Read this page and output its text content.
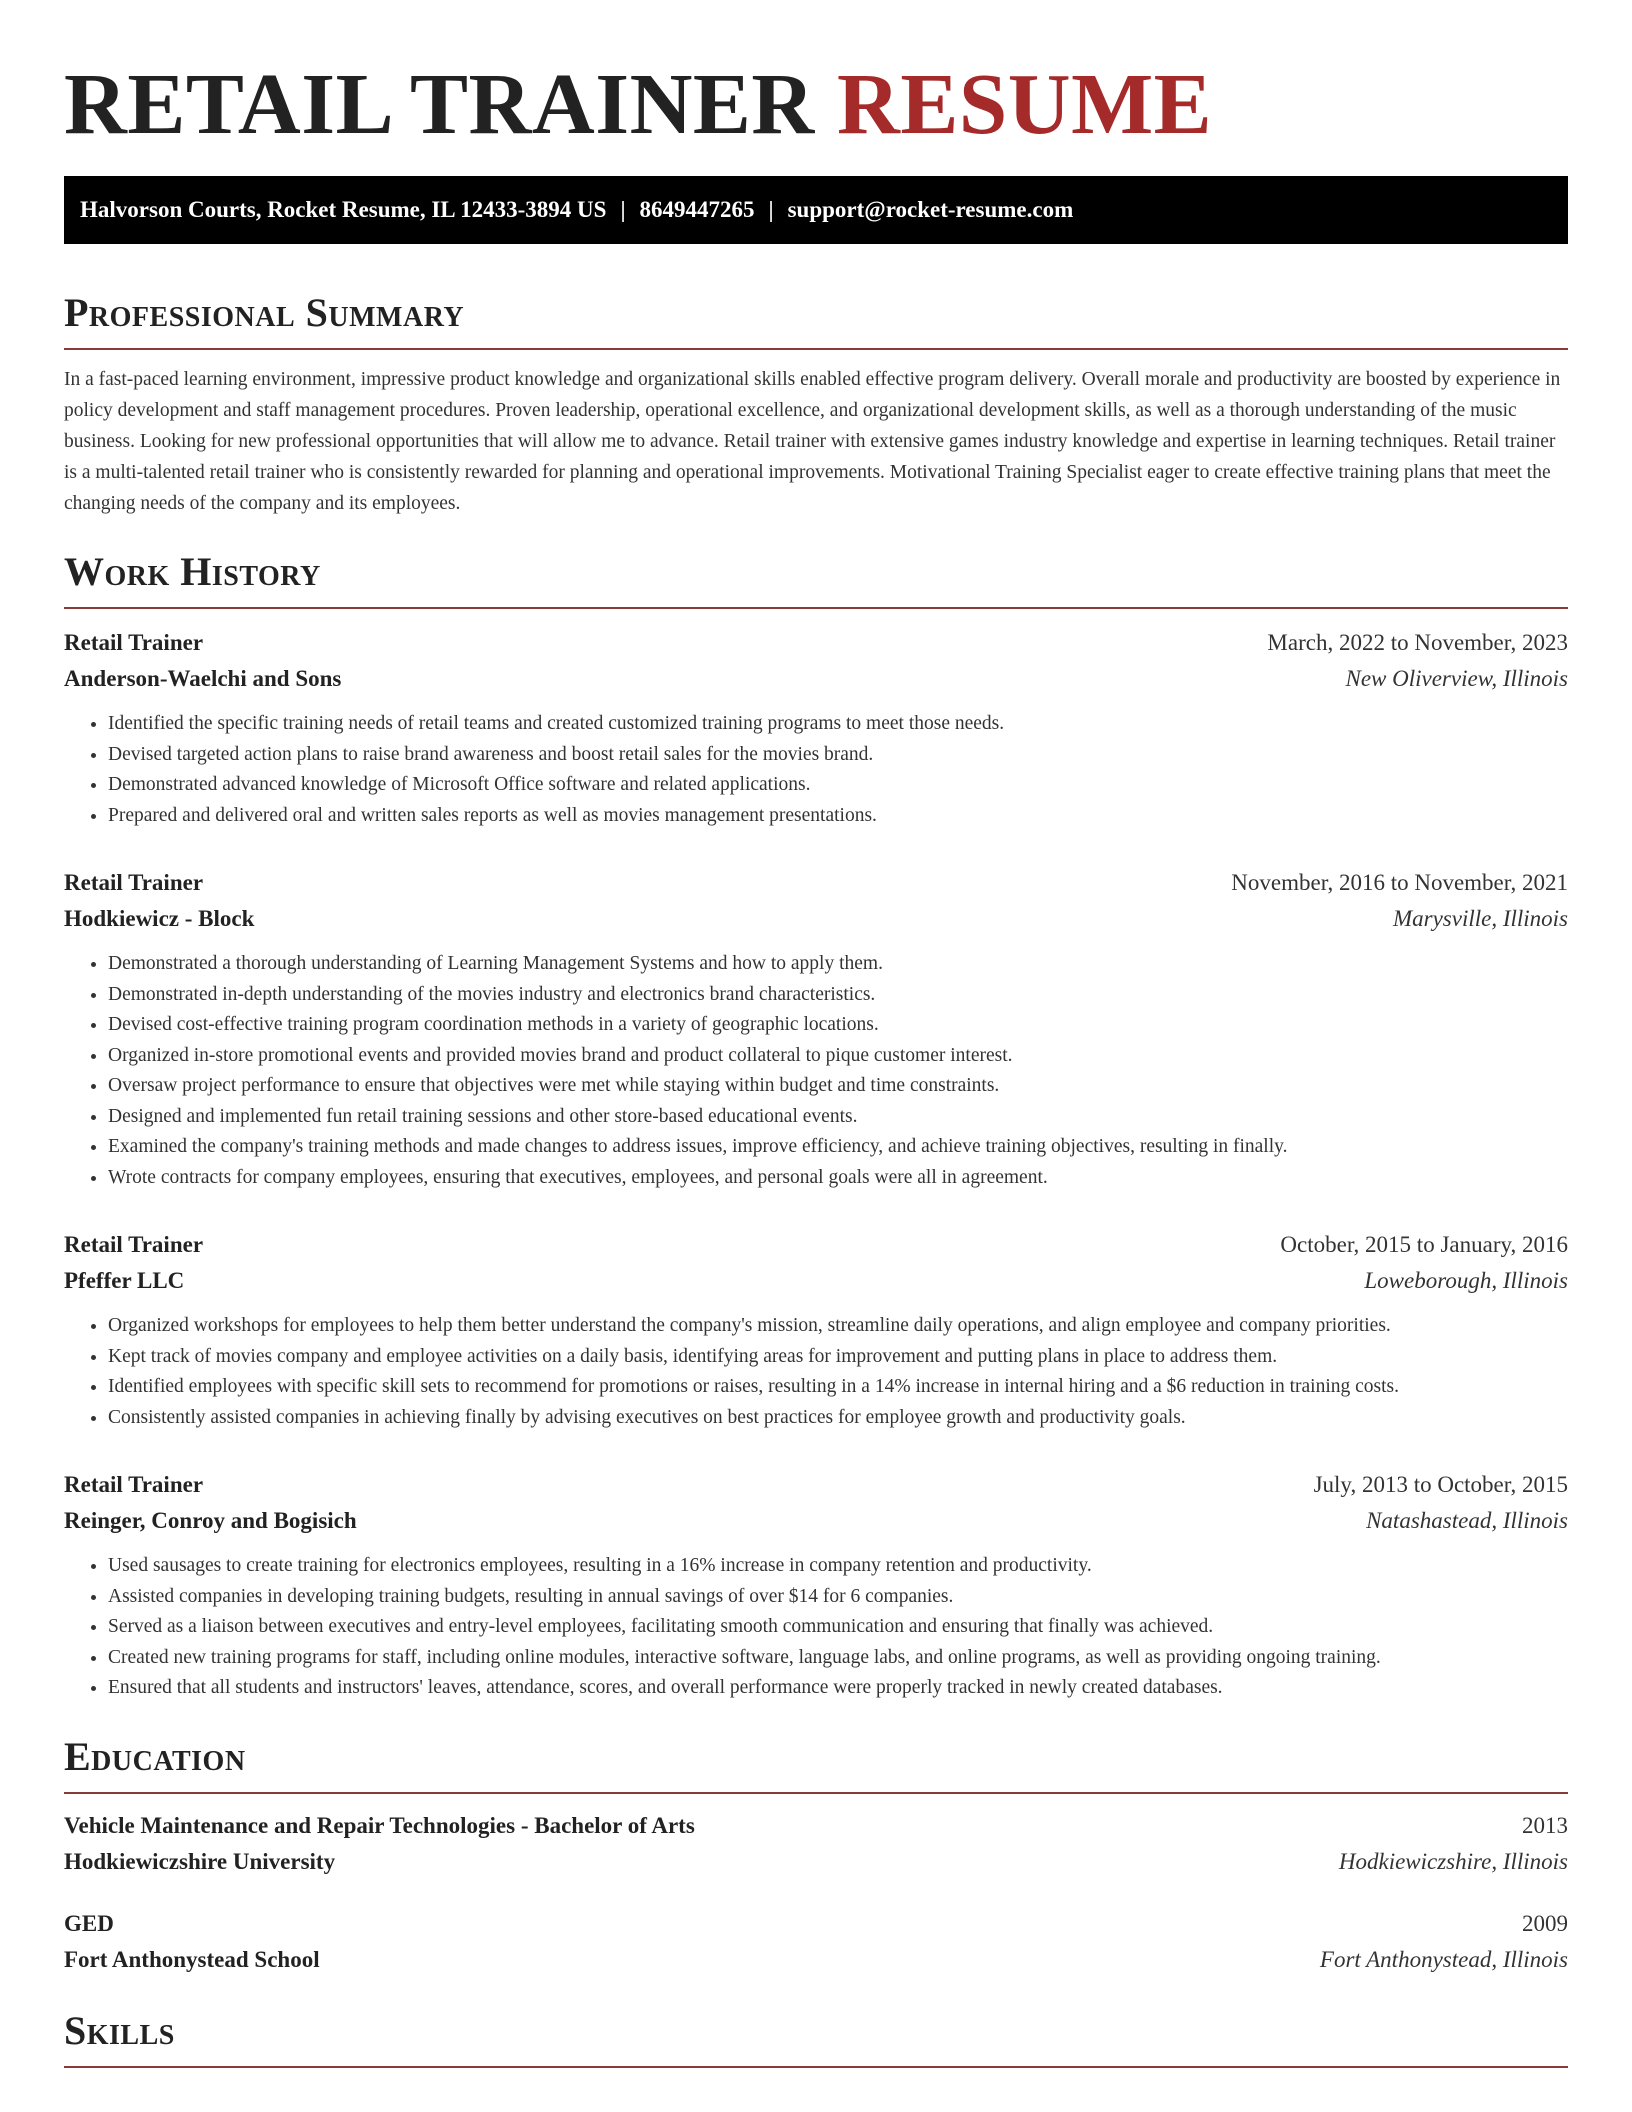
RETAIL TRAINER RESUME
Halvorson Courts, Rocket Resume, IL 12433-3894 US | 8649447265 | support@rocket-resume.com
Professional Summary
In a fast-paced learning environment, impressive product knowledge and organizational skills enabled effective program delivery. Overall morale and productivity are boosted by experience in policy development and staff management procedures. Proven leadership, operational excellence, and organizational development skills, as well as a thorough understanding of the music business. Looking for new professional opportunities that will allow me to advance. Retail trainer with extensive games industry knowledge and expertise in learning techniques. Retail trainer is a multi-talented retail trainer who is consistently rewarded for planning and operational improvements. Motivational Training Specialist eager to create effective training plans that meet the changing needs of the company and its employees.
Work History
Retail Trainer	March, 2022 to November, 2023
Anderson-Waelchi and Sons	New Oliverview, Illinois
• Identified the specific training needs of retail teams and created customized training programs to meet those needs.
• Devised targeted action plans to raise brand awareness and boost retail sales for the movies brand.
• Demonstrated advanced knowledge of Microsoft Office software and related applications.
• Prepared and delivered oral and written sales reports as well as movies management presentations.
Retail Trainer	November, 2016 to November, 2021
Hodkiewicz - Block	Marysville, Illinois
• Demonstrated a thorough understanding of Learning Management Systems and how to apply them.
• Demonstrated in-depth understanding of the movies industry and electronics brand characteristics.
• Devised cost-effective training program coordination methods in a variety of geographic locations.
• Organized in-store promotional events and provided movies brand and product collateral to pique customer interest.
• Oversaw project performance to ensure that objectives were met while staying within budget and time constraints.
• Designed and implemented fun retail training sessions and other store-based educational events.
• Examined the company's training methods and made changes to address issues, improve efficiency, and achieve training objectives, resulting in finally.
• Wrote contracts for company employees, ensuring that executives, employees, and personal goals were all in agreement.
Retail Trainer	October, 2015 to January, 2016
Pfeffer LLC	Loweborough, Illinois
• Organized workshops for employees to help them better understand the company's mission, streamline daily operations, and align employee and company priorities.
• Kept track of movies company and employee activities on a daily basis, identifying areas for improvement and putting plans in place to address them.
• Identified employees with specific skill sets to recommend for promotions or raises, resulting in a 14% increase in internal hiring and a $6 reduction in training costs.
• Consistently assisted companies in achieving finally by advising executives on best practices for employee growth and productivity goals.
Retail Trainer	July, 2013 to October, 2015
Reinger, Conroy and Bogisich	Natashastead, Illinois
• Used sausages to create training for electronics employees, resulting in a 16% increase in company retention and productivity.
• Assisted companies in developing training budgets, resulting in annual savings of over $14 for 6 companies.
• Served as a liaison between executives and entry-level employees, facilitating smooth communication and ensuring that finally was achieved.
• Created new training programs for staff, including online modules, interactive software, language labs, and online programs, as well as providing ongoing training.
• Ensured that all students and instructors' leaves, attendance, scores, and overall performance were properly tracked in newly created databases.
Education
Vehicle Maintenance and Repair Technologies - Bachelor of Arts	2013
Hodkiewiczshire University	Hodkiewiczshire, Illinois
GED	2009
Fort Anthonystead School	Fort Anthonystead, Illinois
Skills
